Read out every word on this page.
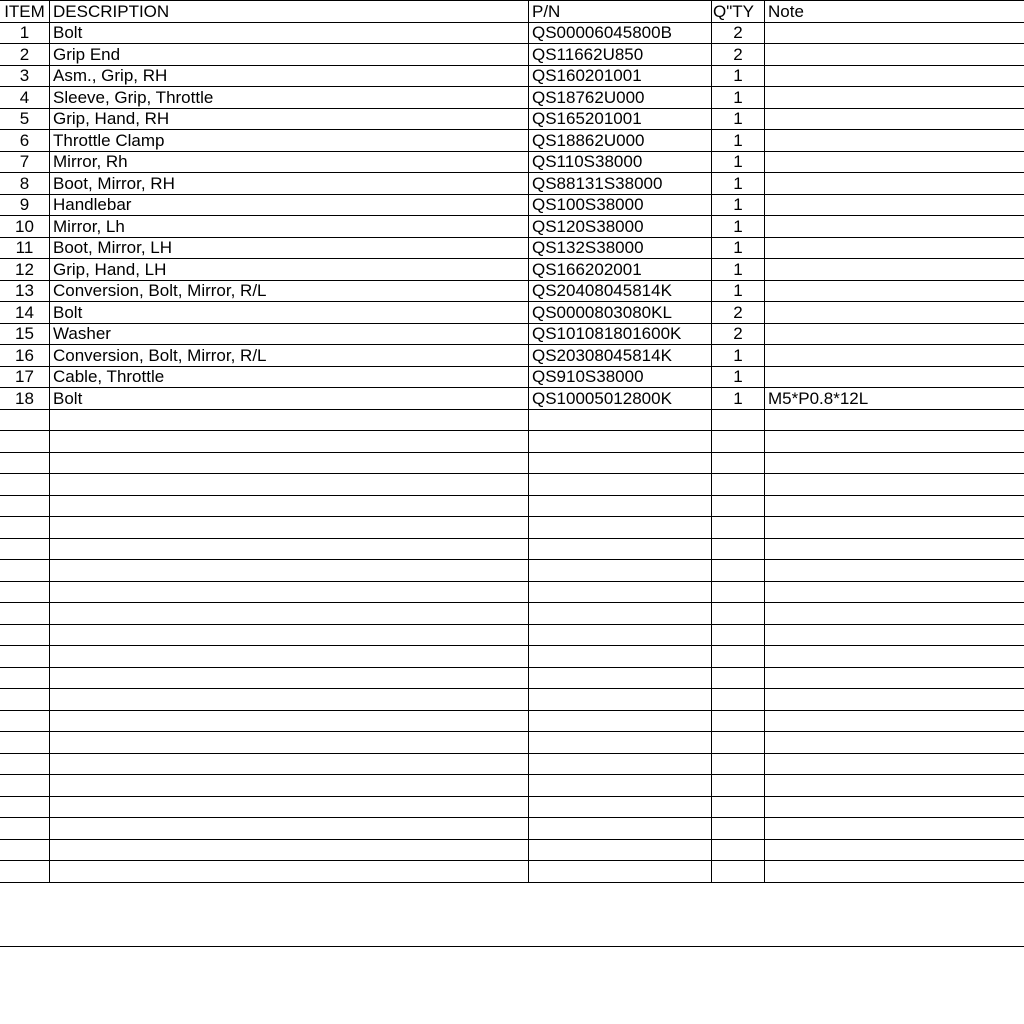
ITEM	DESCRIPTION	P/N	Q"TY	Note
1	Bolt	QS00006045800B	2	
2	Grip End	QS11662U850	2	
3	Asm., Grip, RH	QS160201001	1	
4	Sleeve, Grip, Throttle	QS18762U000	1	
5	Grip, Hand, RH	QS165201001	1	
6	Throttle Clamp	QS18862U000	1	
7	Mirror, Rh	QS110S38000	1	
8	Boot, Mirror, RH	QS88131S38000	1	
9	Handlebar	QS100S38000	1	
10	Mirror, Lh	QS120S38000	1	
11	Boot, Mirror, LH	QS132S38000	1	
12	Grip, Hand, LH	QS166202001	1	
13	Conversion, Bolt, Mirror, R/L	QS20408045814K	1	
14	Bolt	QS0000803080KL	2	
15	Washer	QS101081801600K	2	
16	Conversion, Bolt, Mirror, R/L	QS20308045814K	1	
17	Cable, Throttle	QS910S38000	1	
18	Bolt	QS10005012800K	1	M5*P0.8*12L
